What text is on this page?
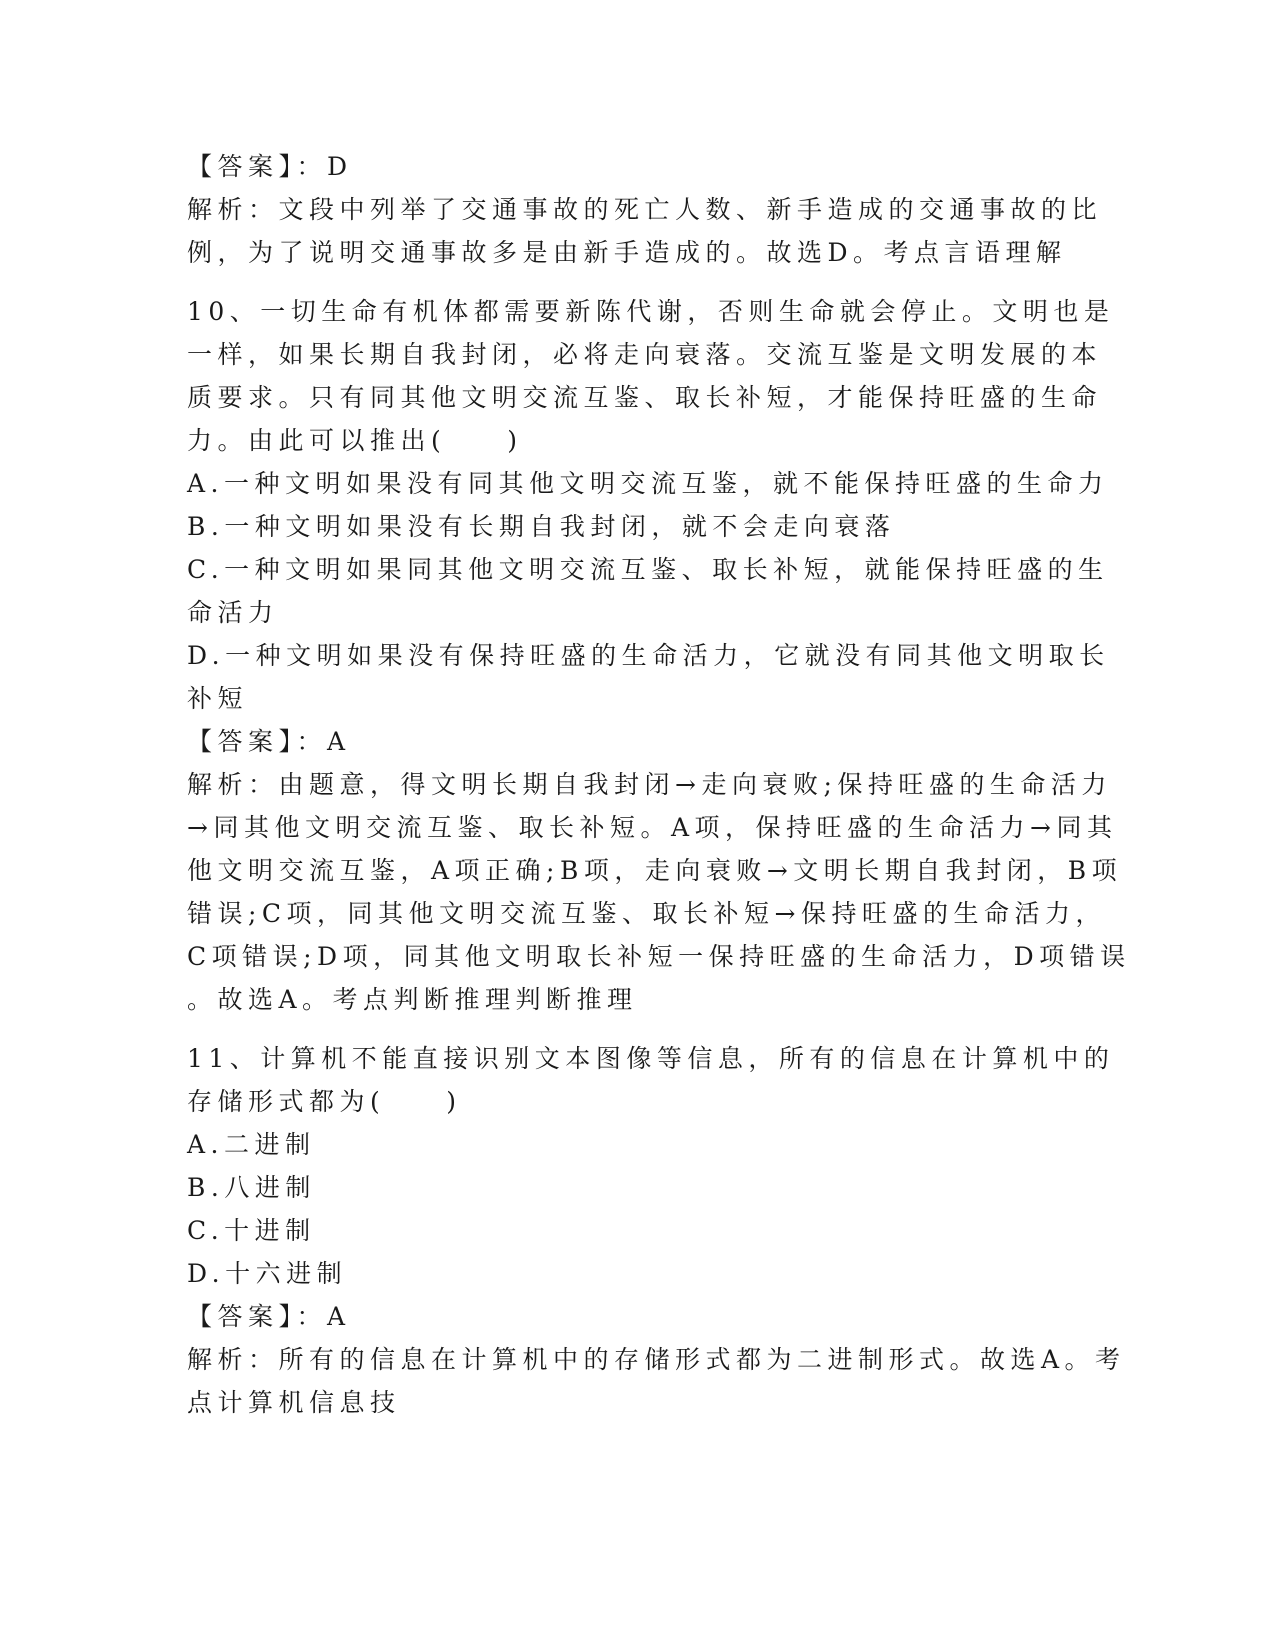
【答案】：D

解析：文段中列举了交通事故的死亡人数、新手造成的交通事故的比

例，为了说明交通事故多是由新手造成的。故选D。考点言语理解

10、一切生命有机体都需要新陈代谢，否则生命就会停止。文明也是

一样，如果长期自我封闭，必将走向衰落。交流互鉴是文明发展的本

质要求。只有同其他文明交流互鉴、取长补短，才能保持旺盛的生命

力。由此可以推出(　　)

A.一种文明如果没有同其他文明交流互鉴，就不能保持旺盛的生命力

B.一种文明如果没有长期自我封闭，就不会走向衰落

C.一种文明如果同其他文明交流互鉴、取长补短，就能保持旺盛的生

命活力

D.一种文明如果没有保持旺盛的生命活力，它就没有同其他文明取长

补短

【答案】：A

解析：由题意，得文明长期自我封闭→走向衰败;保持旺盛的生命活力

→同其他文明交流互鉴、取长补短。A项，保持旺盛的生命活力→同其

他文明交流互鉴，A项正确;B项，走向衰败→文明长期自我封闭，B项

错误;C项，同其他文明交流互鉴、取长补短→保持旺盛的生命活力，

C项错误;D项，同其他文明取长补短一保持旺盛的生命活力，D项错误

。故选A。考点判断推理判断推理

11、计算机不能直接识别文本图像等信息，所有的信息在计算机中的

存储形式都为(　　)

A.二进制

B.八进制

C.十进制

D.十六进制

【答案】：A

解析：所有的信息在计算机中的存储形式都为二进制形式。故选A。考

点计算机信息技
